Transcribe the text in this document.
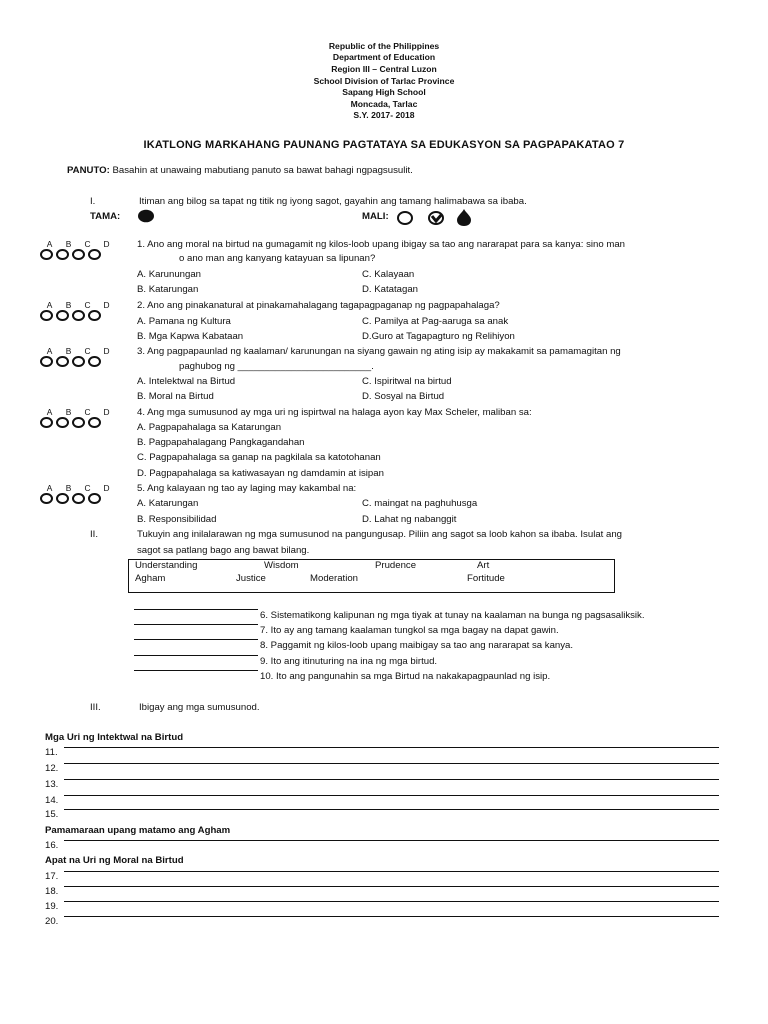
Republic of the Philippines
Department of Education
Region III – Central Luzon
School Division of Tarlac Province
Sapang High School
Moncada, Tarlac
S.Y. 2017- 2018
IKATLONG MARKAHANG PAUNANG PAGTATAYA SA EDUKASYON SA PAGPAPAKATAO 7
PANUTO: Basahin at unawaing mabutiang panuto sa bawat bahagi ngpagsusulit.
I.	Itiman ang bilog sa tapat ng titik ng iyong sagot, gayahin ang tamang halimabawa sa ibaba.
TAMA:	MALI:
A	B	C	D	1. Ano ang moral na birtud na gumagamit ng kilos-loob upang ibigay sa tao ang nararapat para sa kanya: sino man
o ano man ang kanyang katayuan sa lipunan?
A. Karunungan	C. Kalayaan
B. Katarungan	D. Katatagan
A	B	C	D	2. Ano ang pinakanatural at pinakamahalagang tagapagpaganap ng pagpapahalaga?
A. Pamana ng Kultura	C. Pamilya at Pag-aaruga sa anak
B. Mga Kapwa Kabataan	D.Guro at Tagapagturo ng Relihiyon
A	B	C	D	3. Ang pagpapaunlad ng kaalaman/ karunungan na siyang gawain ng ating isip ay makakamit sa pamamagitan ng
paghubog ng _________________________.
A. Intelektwal na Birtud	C. Ispiritwal na birtud
B. Moral na Birtud	D. Sosyal na Birtud
A	B	C	D	4. Ang mga sumusunod ay mga uri ng ispirtwal na halaga ayon kay Max Scheler, maliban sa:
A. Pagpapahalaga sa Katarungan
B. Pagpapahalagang Pangkagandahan
C. Pagpapahalaga sa ganap na pagkilala sa katotohanan
D. Pagpapahalaga sa katiwasayan ng damdamin at isipan
A	B	C	D	5. Ang kalayaan ng tao ay laging may kakambal na:
A. Katarungan	C. maingat na paghuhusga
B. Responsibilidad	D. Lahat ng nabanggit
II.	Tukuyin ang inilalarawan ng mga sumusunod na pangungusap. Piliin ang sagot sa loob kahon sa ibaba. Isulat ang
sagot sa patlang bago ang bawat bilang.
Understanding	Wisdom	Prudence	Art
Agham	Justice	Moderation	Fortitude
6. Sistematikong kalipunan ng mga tiyak at tunay na kaalaman na bunga ng pagsasaliksik.
7. Ito ay ang tamang kaalaman tungkol sa mga bagay na dapat gawin.
8. Paggamit ng kilos-loob upang maibigay sa tao ang nararapat sa kanya.
9. Ito ang itinuturing na ina ng mga birtud.
10. Ito ang pangunahin sa mga Birtud na nakakapagpaunlad ng isip.
III.	Ibigay ang mga sumusunod.
Mga Uri ng Intektwal na Birtud
11.
12.
13.
14.
15.
Pamamaraan upang matamo ang Agham
16.
Apat na Uri ng Moral na Birtud
17.
18.
19.
20.
